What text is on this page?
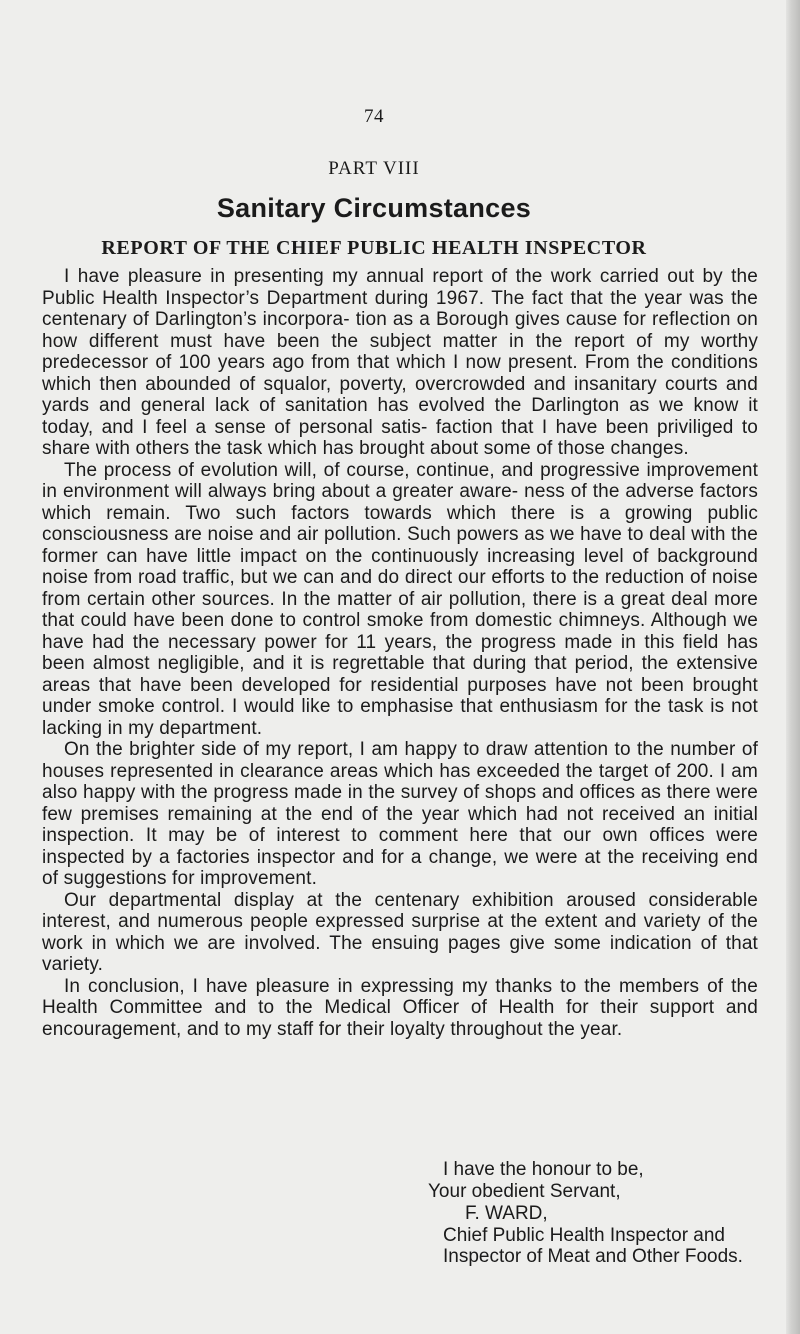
74
PART VIII
Sanitary Circumstances
REPORT OF THE CHIEF PUBLIC HEALTH INSPECTOR

I have pleasure in presenting my annual report of the work carried out by the Public Health Inspector’s Department during 1967. The fact that the year was the centenary of Darlington’s incorpora- tion as a Borough gives cause for reflection on how different must have been the subject matter in the report of my worthy predecessor of 100 years ago from that which I now present. From the conditions which then abounded of squalor, poverty, overcrowded and insanitary courts and yards and general lack of sanitation has evolved the Darlington as we know it today, and I feel a sense of personal satis- faction that I have been priviliged to share with others the task which has brought about some of those changes.

The process of evolution will, of course, continue, and progressive improvement in environment will always bring about a greater aware- ness of the adverse factors which remain. Two such factors towards which there is a growing public consciousness are noise and air pollution. Such powers as we have to deal with the former can have little impact on the continuously increasing level of background noise from road traffic, but we can and do direct our efforts to the reduction of noise from certain other sources. In the matter of air pollution, there is a great deal more that could have been done to control smoke from domestic chimneys. Although we have had the necessary power for 11 years, the progress made in this field has been almost negligible, and it is regrettable that during that period, the extensive areas that have been developed for residential purposes have not been brought under smoke control. I would like to emphasise that enthusiasm for the task is not lacking in my department.

On the brighter side of my report, I am happy to draw attention to the number of houses represented in clearance areas which has exceeded the target of 200. I am also happy with the progress made in the survey of shops and offices as there were few premises remaining at the end of the year which had not received an initial inspection. It may be of interest to comment here that our own offices were inspected by a factories inspector and for a change, we were at the receiving end of suggestions for improvement.

Our departmental display at the centenary exhibition aroused considerable interest, and numerous people expressed surprise at the extent and variety of the work in which we are involved. The ensuing pages give some indication of that variety.

In conclusion, I have pleasure in expressing my thanks to the members of the Health Committee and to the Medical Officer of Health for their support and encouragement, and to my staff for their loyalty throughout the year.

I have the honour to be,
Your obedient Servant,
F. WARD,
Chief Public Health Inspector and
Inspector of Meat and Other Foods.
